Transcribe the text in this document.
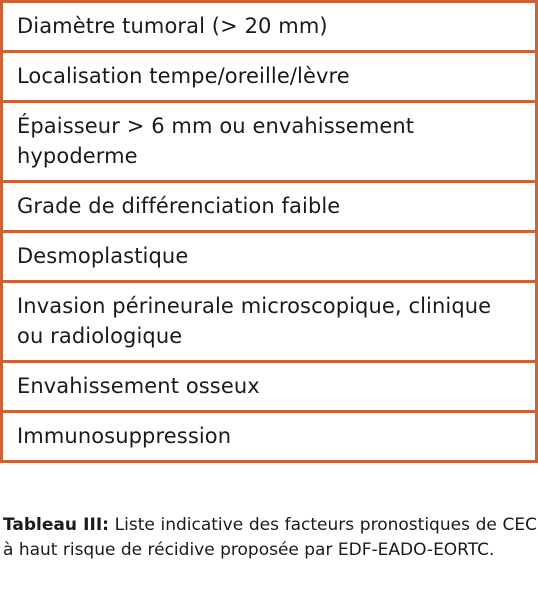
Diamètre tumoral (> 20 mm)
Localisation tempe/oreille/lèvre
Épaisseur > 6 mm ou envahissement hypoderme
Grade de différenciation faible
Desmoplastique
Invasion périneurale microscopique, clinique ou radiologique
Envahissement osseux
Immunosuppression

Tableau III: Liste indicative des facteurs pronostiques de CEC à haut risque de récidive proposée par EDF-EADO-EORTC.
